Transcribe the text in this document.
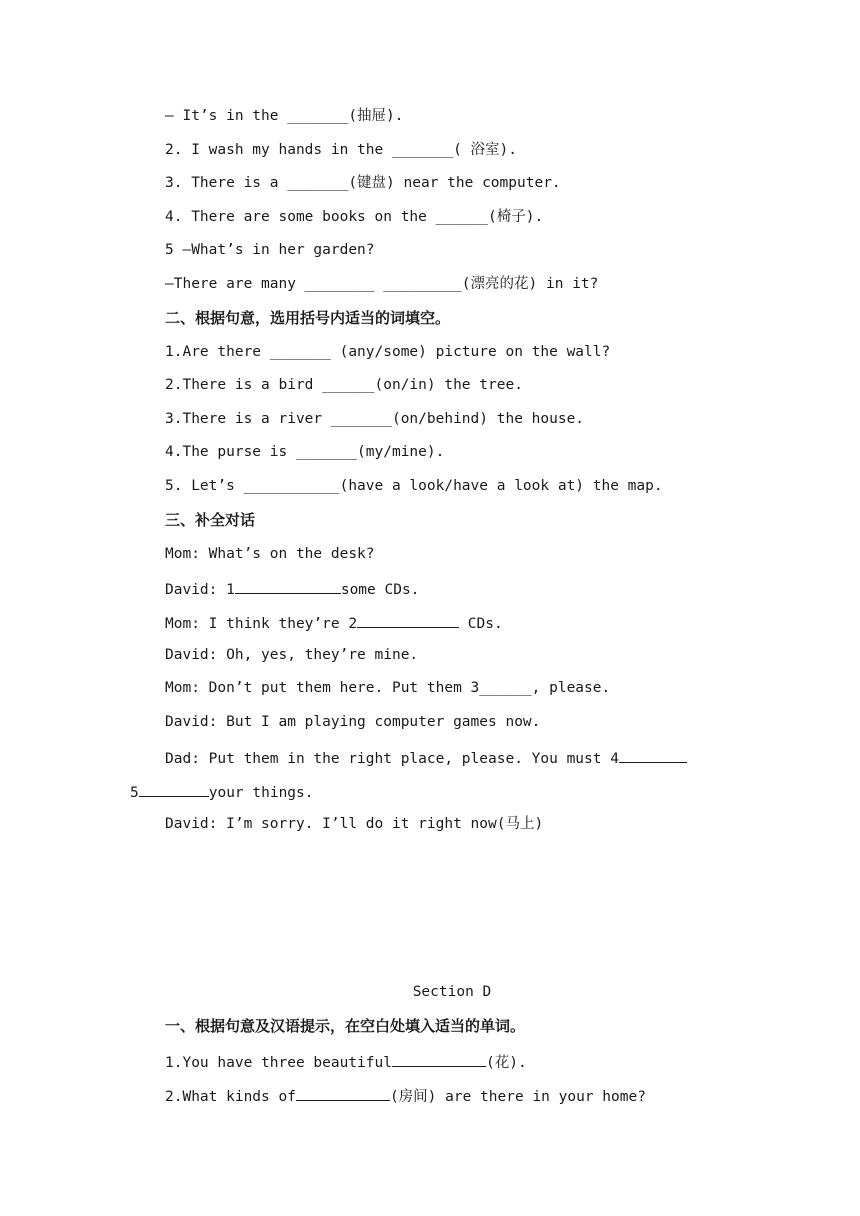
— It’s in the _______(抽屉).
2. I wash my hands in the _______( 浴室).
3. There is a _______(键盘) near the computer.
4. There are some books on the ______(椅子).
5 —What’s in her garden?
—There are many ________ _________(漂亮的花) in it?
二、根据句意，选用括号内适当的词填空。
1.Are there _______ (any/some) picture on the wall?
2.There is a bird ______(on/in) the tree.
3.There is a river _______(on/behind) the house.
4.The purse is _______(my/mine).
5. Let’s ___________(have a look/have a look at) the map.
三、补全对话
Mom: What’s on the desk?
David: 1	some CDs.
Mom: I think they’re 2	CDs.
David: Oh, yes, they’re mine.
Mom: Don’t put them here. Put them 3______, please.
David: But I am playing computer games now.
Dad: Put them in the right place, please. You must 4
5	your things.
David: I’m sorry. I’ll do it right now(马上)
Section D
一、根据句意及汉语提示，在空白处填入适当的单词。
1.You have three beautiful	(花).
2.What kinds of	(房间) are there in your home?
